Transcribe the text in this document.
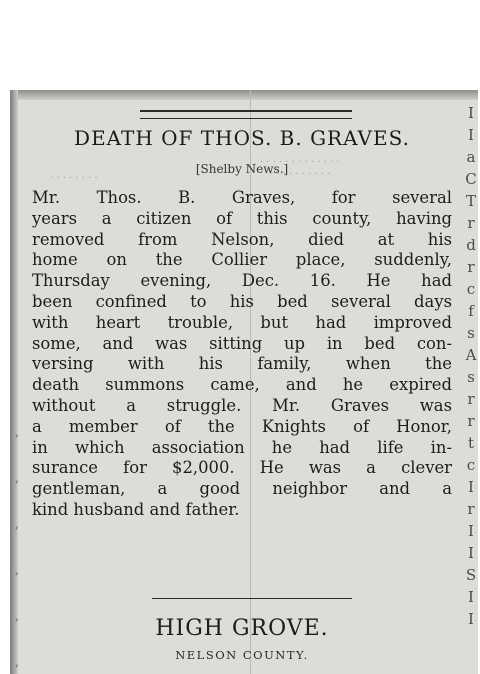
. . . . . . . . . . . . .
. . . . . . . . . .
. . . . . . . .
I
I
a
C
T
r
d
r
c
f
s
A
s
r
r
t
c
I
r
I
I
S
I
I
,
,
,
,
,
,
DEATH OF THOS. B. GRAVES.
[Shelby News.]
Mr. Thos. B. Graves, for several
years a citizen of this county, having
removed from Nelson, died at his
home on the Collier place, suddenly,
Thursday evening, Dec. 16. He had
been confined to his bed several days
with heart trouble, but had improved
some, and was sitting up in bed con-
versing with his family, when the
death summons came, and he expired
without a struggle. Mr. Graves was
a member of the Knights of Honor,
in which association he had life in-
surance for $2,000. He was a clever
gentleman, a good neighbor and a
kind husband and father.
HIGH GROVE.
NELSON COUNTY.
